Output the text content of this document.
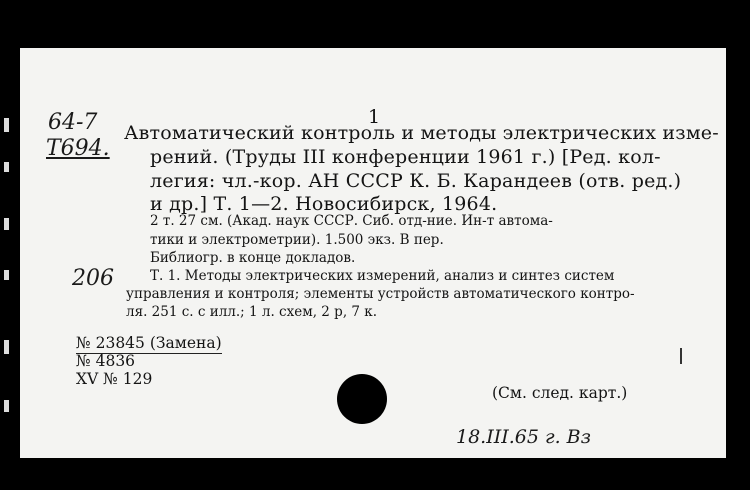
1
64-7
Т694.
206
Автоматический контроль и методы электрических изме-
рений. (Труды III конференции 1961 г.) [Ред. кол-
легия: чл.-кор. АН СССР К. Б. Карандеев (отв. ред.)
и др.] Т. 1—2. Новосибирск, 1964.
2 т. 27 см. (Акад. наук СССР. Сиб. отд-ние. Ин-т автома-
тики и электрометрии). 1.500 экз. В пер.
Библиогр. в конце докладов.
Т. 1. Методы электрических измерений, анализ и синтез систем
управления и контроля; элементы устройств автоматического контро-
ля. 251 с. с илл.; 1 л. схем, 2 р, 7 к.
№ 23845 (Замена)
№ 4836
XV № 129
(См. след. карт.)
18.III.65 г. Вз
